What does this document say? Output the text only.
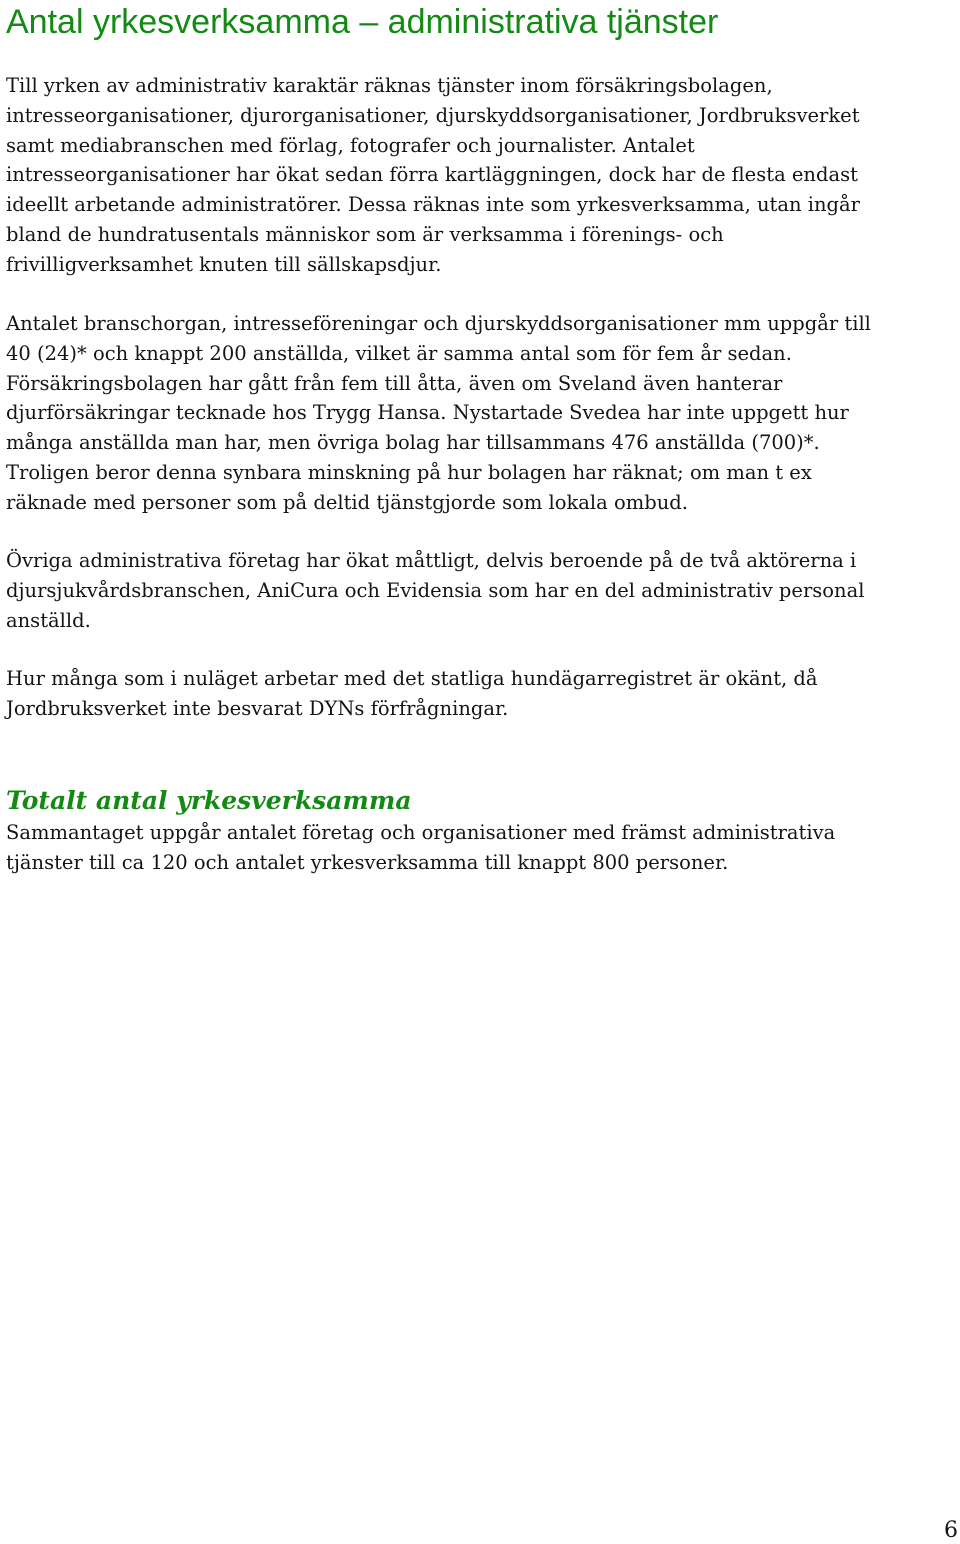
Antal yrkesverksamma – administrativa tjänster

Till yrken av administrativ karaktär räknas tjänster inom försäkringsbolagen,
intresseorganisationer, djurorganisationer, djurskyddsorganisationer, Jordbruksverket
samt mediabranschen med förlag, fotografer och journalister. Antalet
intresseorganisationer har ökat sedan förra kartläggningen, dock har de flesta endast
ideellt arbetande administratörer. Dessa räknas inte som yrkesverksamma, utan ingår
bland de hundratusentals människor som är verksamma i förenings- och
frivilligverksamhet knuten till sällskapsdjur.

Antalet branschorgan, intresseföreningar och djurskyddsorganisationer mm uppgår till
40 (24)* och knappt 200 anställda, vilket är samma antal som för fem år sedan.
Försäkringsbolagen har gått från fem till åtta, även om Sveland även hanterar
djurförsäkringar tecknade hos Trygg Hansa. Nystartade Svedea har inte uppgett hur
många anställda man har, men övriga bolag har tillsammans 476 anställda (700)*.
Troligen beror denna synbara minskning på hur bolagen har räknat; om man t ex
räknade med personer som på deltid tjänstgjorde som lokala ombud.

Övriga administrativa företag har ökat måttligt, delvis beroende på de två aktörerna i
djursjukvårdsbranschen, AniCura och Evidensia som har en del administrativ personal
anställd.

Hur många som i nuläget arbetar med det statliga hundägarregistret är okänt, då
Jordbruksverket inte besvarat DYNs förfrågningar.

Totalt antal yrkesverksamma

Sammantaget uppgår antalet företag och organisationer med främst administrativa
tjänster till ca 120 och antalet yrkesverksamma till knappt 800 personer.

6
